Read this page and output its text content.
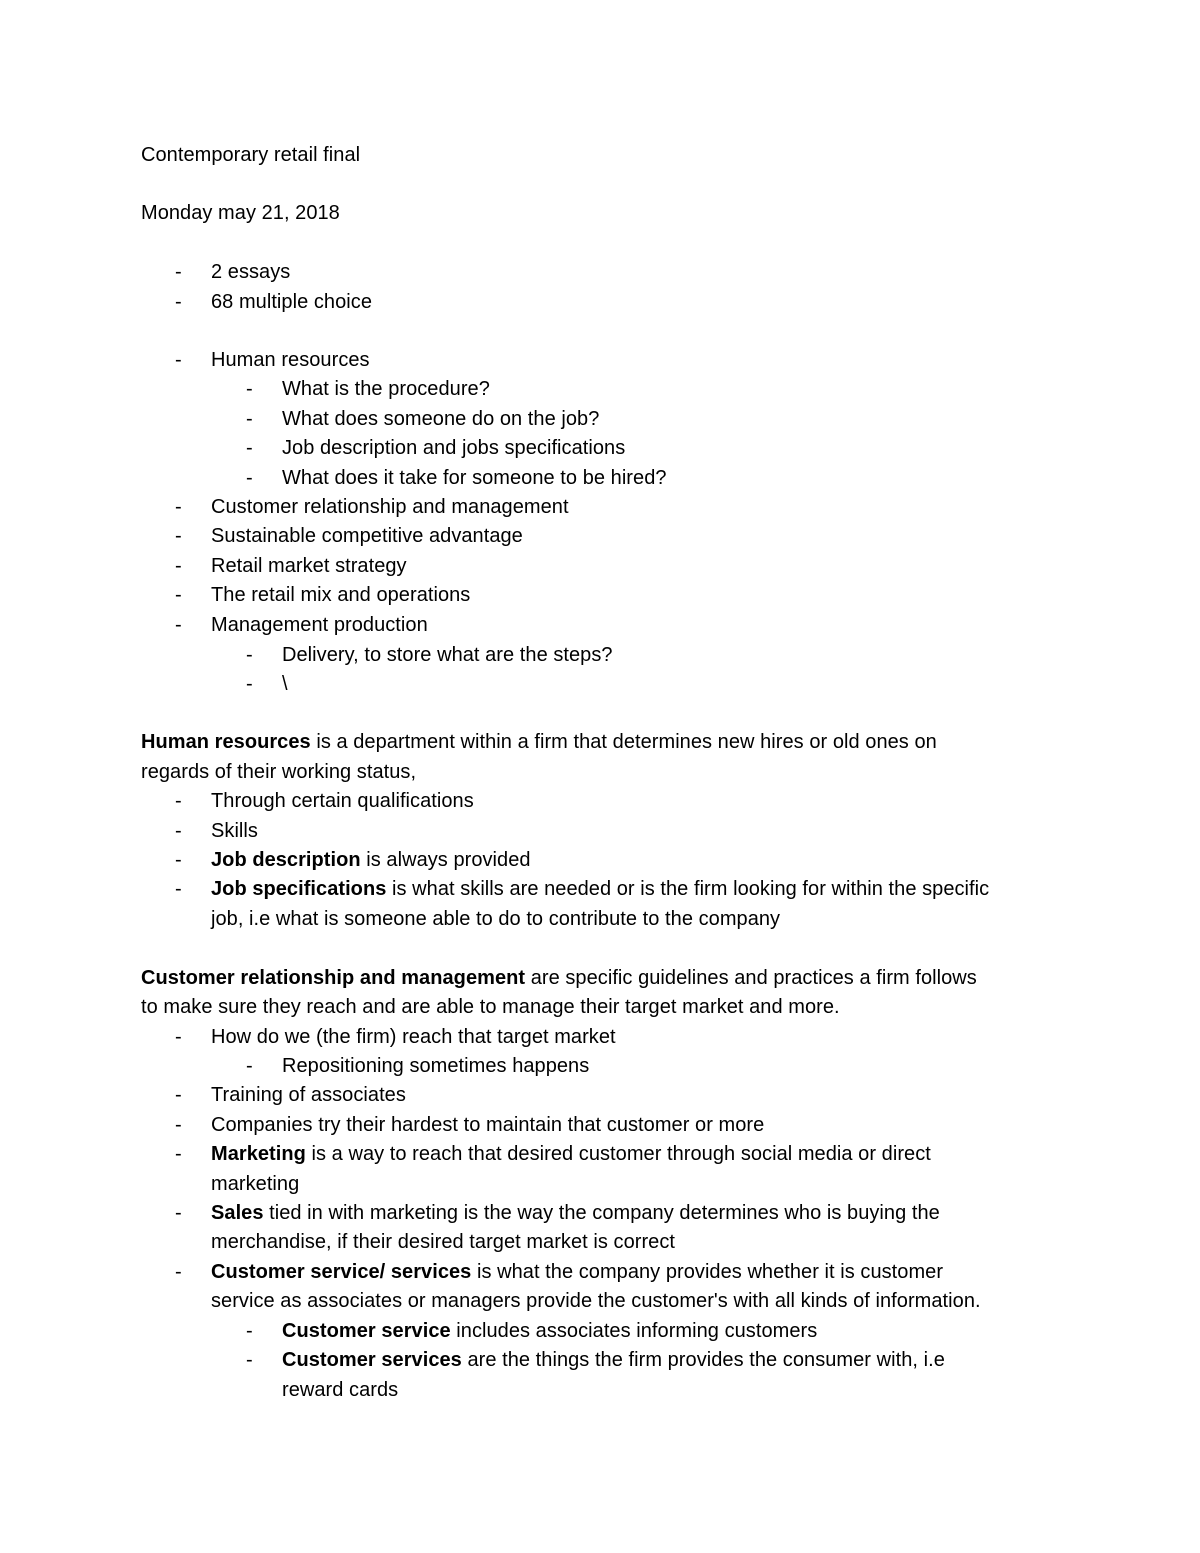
Contemporary retail final
Monday may 21, 2018
- 2 essays
- 68 multiple choice
- Human resources
- What is the procedure?
- What does someone do on the job?
- Job description and jobs specifications
- What does it take for someone to be hired?
- Customer relationship and management
- Sustainable competitive advantage
- Retail market strategy
- The retail mix and operations
- Management production
- Delivery, to store what are the steps?
- \
Human resources is a department within a firm that determines new hires or old ones on
regards of their working status,
- Through certain qualifications
- Skills
- Job description is always provided
- Job specifications is what skills are needed or is the firm looking for within the specific
job, i.e what is someone able to do to contribute to the company
Customer relationship and management are specific guidelines and practices a firm follows
to make sure they reach and are able to manage their target market and more.
- How do we (the firm) reach that target market
- Repositioning sometimes happens
- Training of associates
- Companies try their hardest to maintain that customer or more
- Marketing is a way to reach that desired customer through social media or direct
marketing
- Sales tied in with marketing is the way the company determines who is buying the
merchandise, if their desired target market is correct
- Customer service/ services is what the company provides whether it is customer
service as associates or managers provide the customer's with all kinds of information.
- Customer service includes associates informing customers
- Customer services are the things the firm provides the consumer with, i.e
reward cards
